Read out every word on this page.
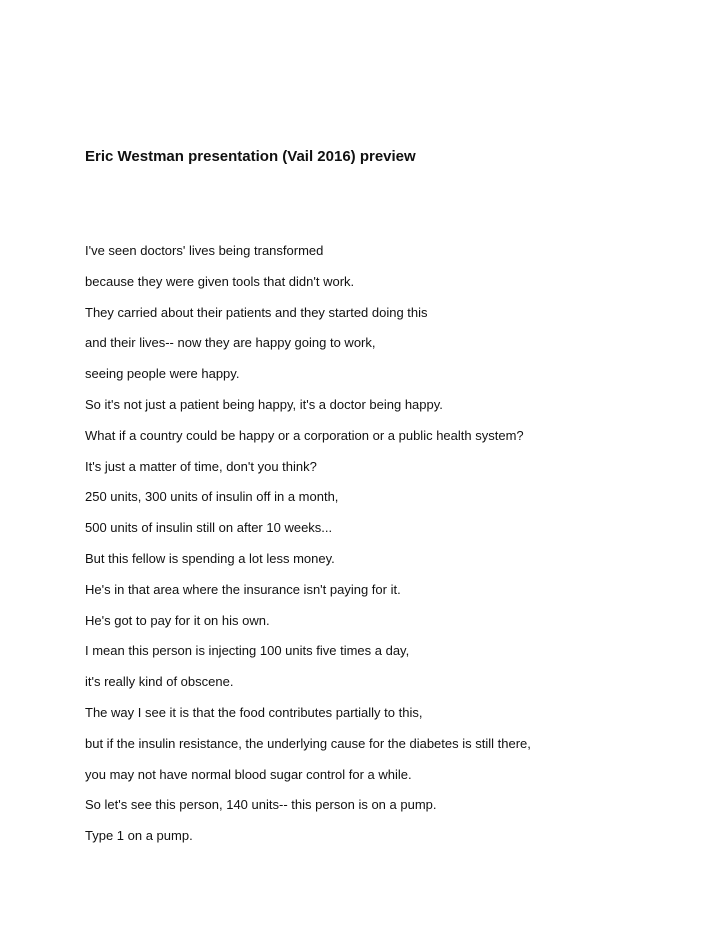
Eric Westman presentation (Vail 2016) preview
I've seen doctors' lives being transformed
because they were given tools that didn't work.
They carried about their patients and they started doing this
and their lives-- now they are happy going to work,
seeing people were happy.
So it's not just a patient being happy, it's a doctor being happy.
What if a country could be happy or a corporation or a public health system?
It's just a matter of time, don't you think?
250 units, 300 units of insulin off in a month,
500 units of insulin still on after 10 weeks...
But this fellow is spending a lot less money.
He's in that area where the insurance isn't paying for it.
He's got to pay for it on his own.
I mean this person is injecting 100 units five times a day,
it's really kind of obscene.
The way I see it is that the food contributes partially to this,
but if the insulin resistance, the underlying cause for the diabetes is still there,
you may not have normal blood sugar control for a while.
So let's see this person, 140 units-- this person is on a pump.
Type 1 on a pump.
